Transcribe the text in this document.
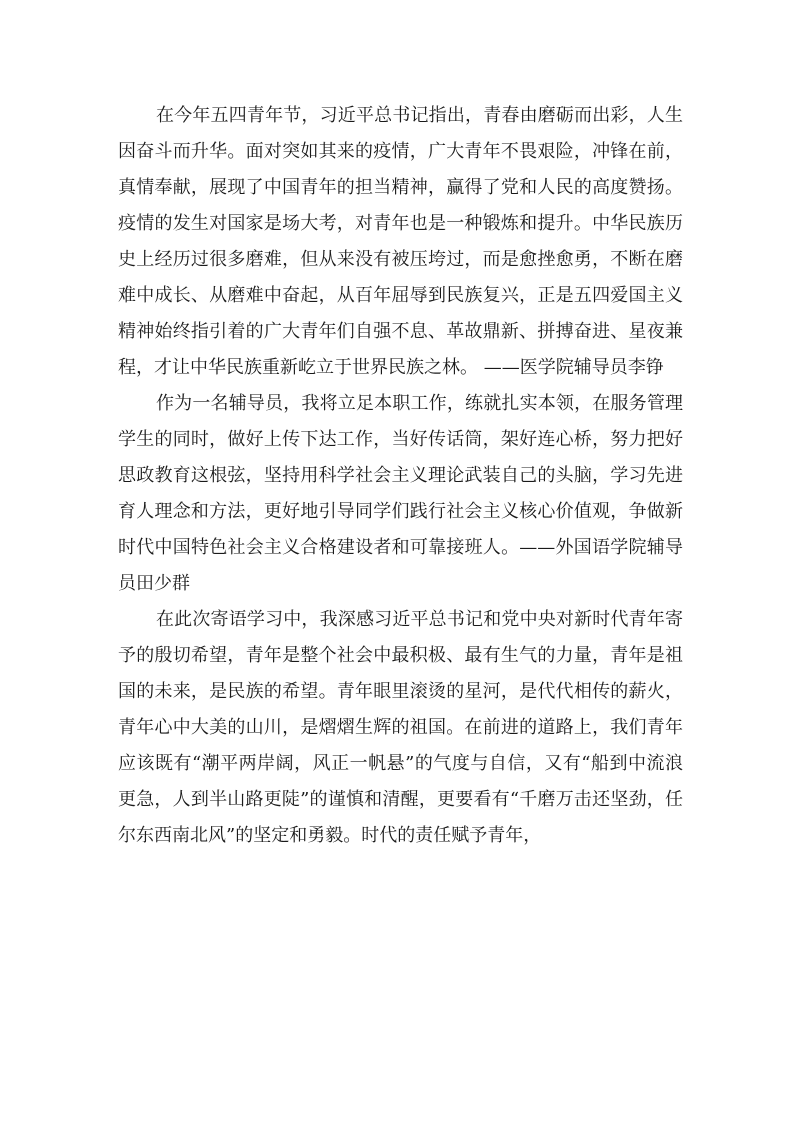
在今年五四青年节，习近平总书记指出，青春由磨砺而出彩，人生因奋斗而升华。面对突如其来的疫情，广大青年不畏艰险，冲锋在前，真情奉献，展现了中国青年的担当精神，赢得了党和人民的高度赞扬。疫情的发生对国家是场大考，对青年也是一种锻炼和提升。中华民族历史上经历过很多磨难，但从来没有被压垮过，而是愈挫愈勇，不断在磨难中成长、从磨难中奋起，从百年屈辱到民族复兴，正是五四爱国主义精神始终指引着的广大青年们自强不息、革故鼎新、拼搏奋进、星夜兼程，才让中华民族重新屹立于世界民族之林。 ——医学院辅导员李铮

作为一名辅导员，我将立足本职工作，练就扎实本领，在服务管理学生的同时，做好上传下达工作，当好传话筒，架好连心桥，努力把好思政教育这根弦，坚持用科学社会主义理论武装自己的头脑，学习先进育人理念和方法，更好地引导同学们践行社会主义核心价值观，争做新时代中国特色社会主义合格建设者和可靠接班人。——外国语学院辅导员田少群

在此次寄语学习中，我深感习近平总书记和党中央对新时代青年寄予的殷切希望，青年是整个社会中最积极、最有生气的力量，青年是祖国的未来，是民族的希望。青年眼里滚烫的星河，是代代相传的薪火，青年心中大美的山川，是熠熠生辉的祖国。在前进的道路上，我们青年应该既有“潮平两岸阔，风正一帆悬”的气度与自信，又有“船到中流浪更急，人到半山路更陡”的谨慎和清醒，更要看有“千磨万击还坚劲，任尔东西南北风”的坚定和勇毅。时代的责任赋予青年，
